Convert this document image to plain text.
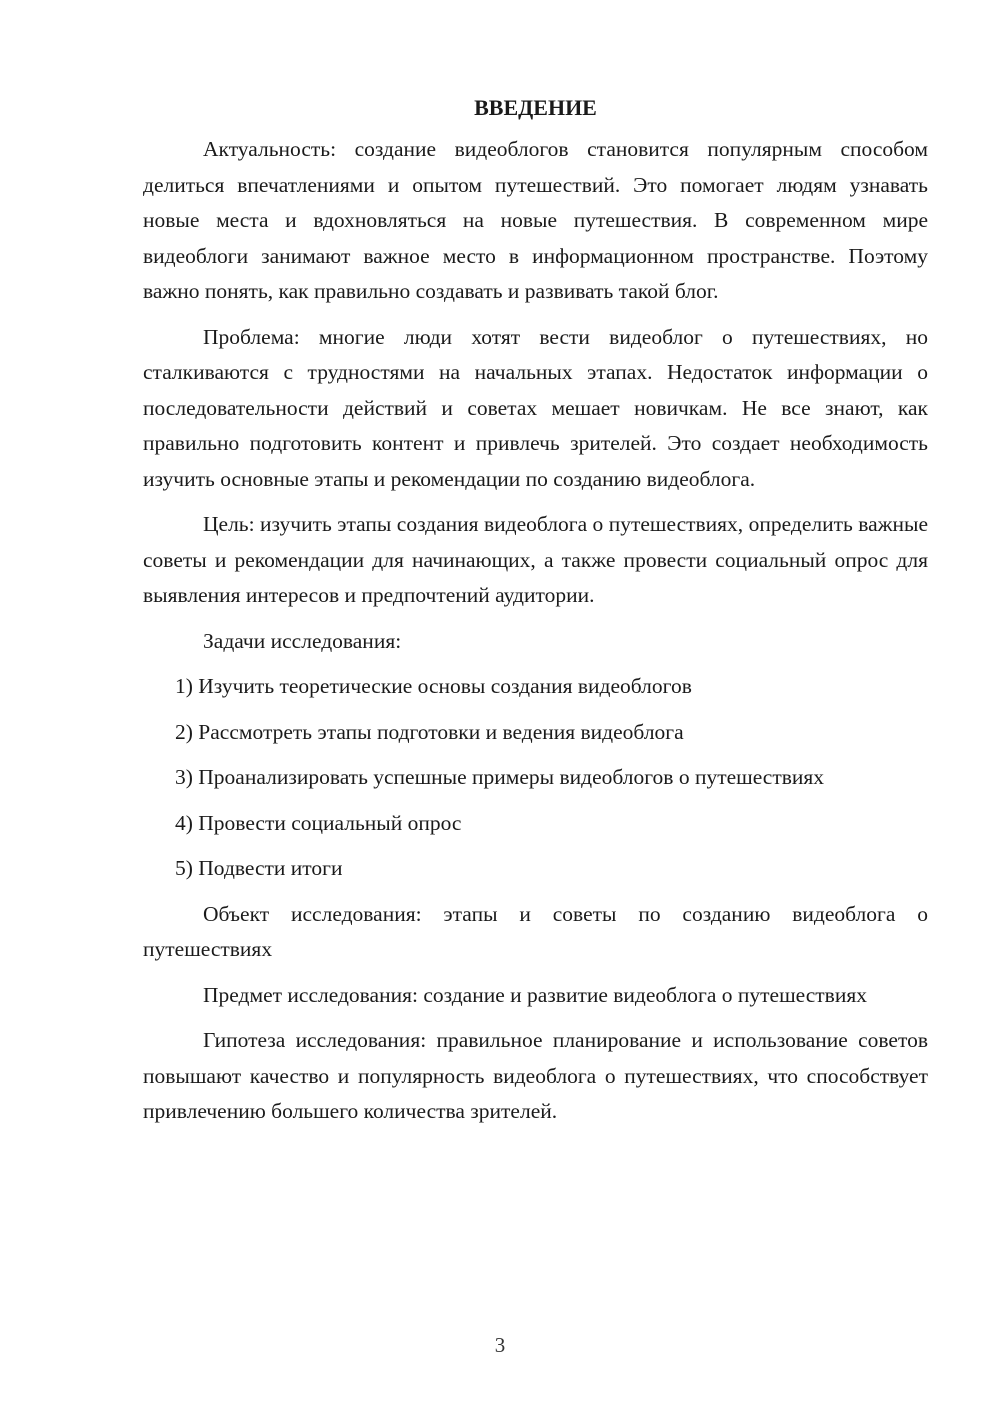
ВВЕДЕНИЕ

Актуальность: создание видеоблогов становится популярным способом делиться впечатлениями и опытом путешествий. Это помогает людям узнавать новые места и вдохновляться на новые путешествия. В современном мире видеоблоги занимают важное место в информационном пространстве. Поэтому важно понять, как правильно создавать и развивать такой блог.

Проблема: многие люди хотят вести видеоблог о путешествиях, но сталкиваются с трудностями на начальных этапах. Недостаток информации о последовательности действий и советах мешает новичкам. Не все знают, как правильно подготовить контент и привлечь зрителей. Это создает необходимость изучить основные этапы и рекомендации по созданию видеоблога.

Цель: изучить этапы создания видеоблога о путешествиях, определить важные советы и рекомендации для начинающих, а также провести социальный опрос для выявления интересов и предпочтений аудитории.

Задачи исследования:

1) Изучить теоретические основы создания видеоблогов

2) Рассмотреть этапы подготовки и ведения видеоблога

3) Проанализировать успешные примеры видеоблогов о путешествиях

4) Провести социальный опрос

5) Подвести итоги

Объект исследования: этапы и советы по созданию видеоблога о путешествиях

Предмет исследования: создание и развитие видеоблога о путешествиях

Гипотеза исследования: правильное планирование и использование советов повышают качество и популярность видеоблога о путешествиях, что способствует привлечению большего количества зрителей.

3
